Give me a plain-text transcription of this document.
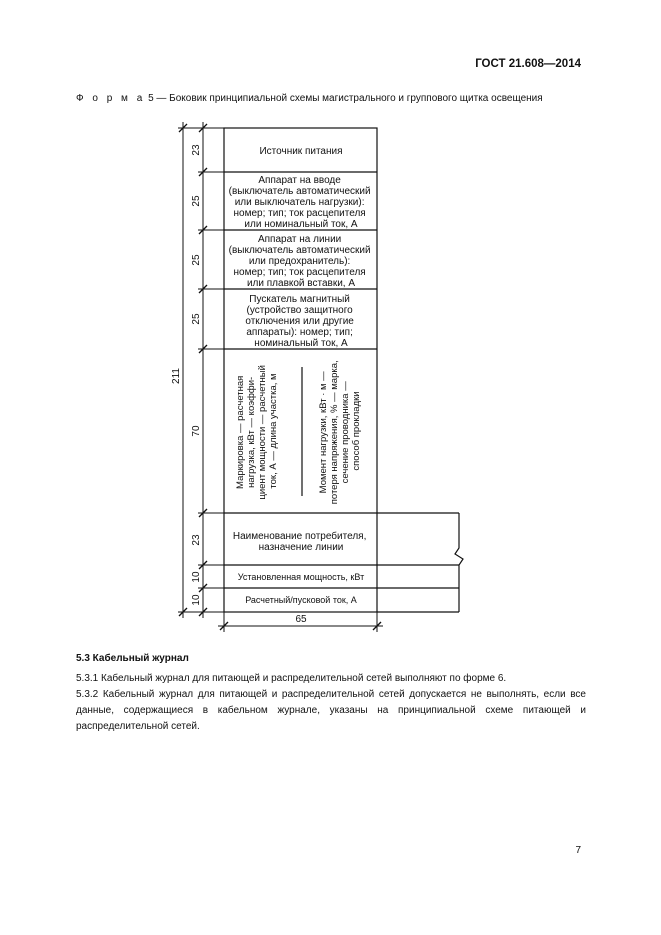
ГОСТ 21.608—2014
Ф о р м а 5 — Боковик принципиальной схемы магистрального и группового щитка освещения
23
25
25
25
70
23
10
10
211
65
Источник питания
Аппарат на вводе (выключатель автоматический или выключатель нагрузки): номер; тип; ток расцепителя или номинальный ток, А
Аппарат на линии (выключатель автоматический или предохранитель): номер; тип; ток расцепителя или плавкой вставки, А
Пускатель магнитный (устройство защитного отключения или другие аппараты): номер; тип; номинальный ток, А
Маркировка — расчетная нагрузка, кВт — коэффи- циент мощности — расчетный ток, А — длина участка, м	Момент нагрузки, кВт · м — потеря напряжения, % — марка, сечение проводника — способ прокладки
Наименование потребителя, назначение линии
Установленная мощность, кВт
Расчетный/пусковой ток, А
5.3 Кабельный журнал
5.3.1 Кабельный журнал для питающей и распределительной сетей выполняют по форме 6.
5.3.2 Кабельный журнал для питающей и распределительной сетей допускается не выполнять, если все данные, содержащиеся в кабельном журнале, указаны на принципиальной схеме питающей и распределительной сетей.
7
